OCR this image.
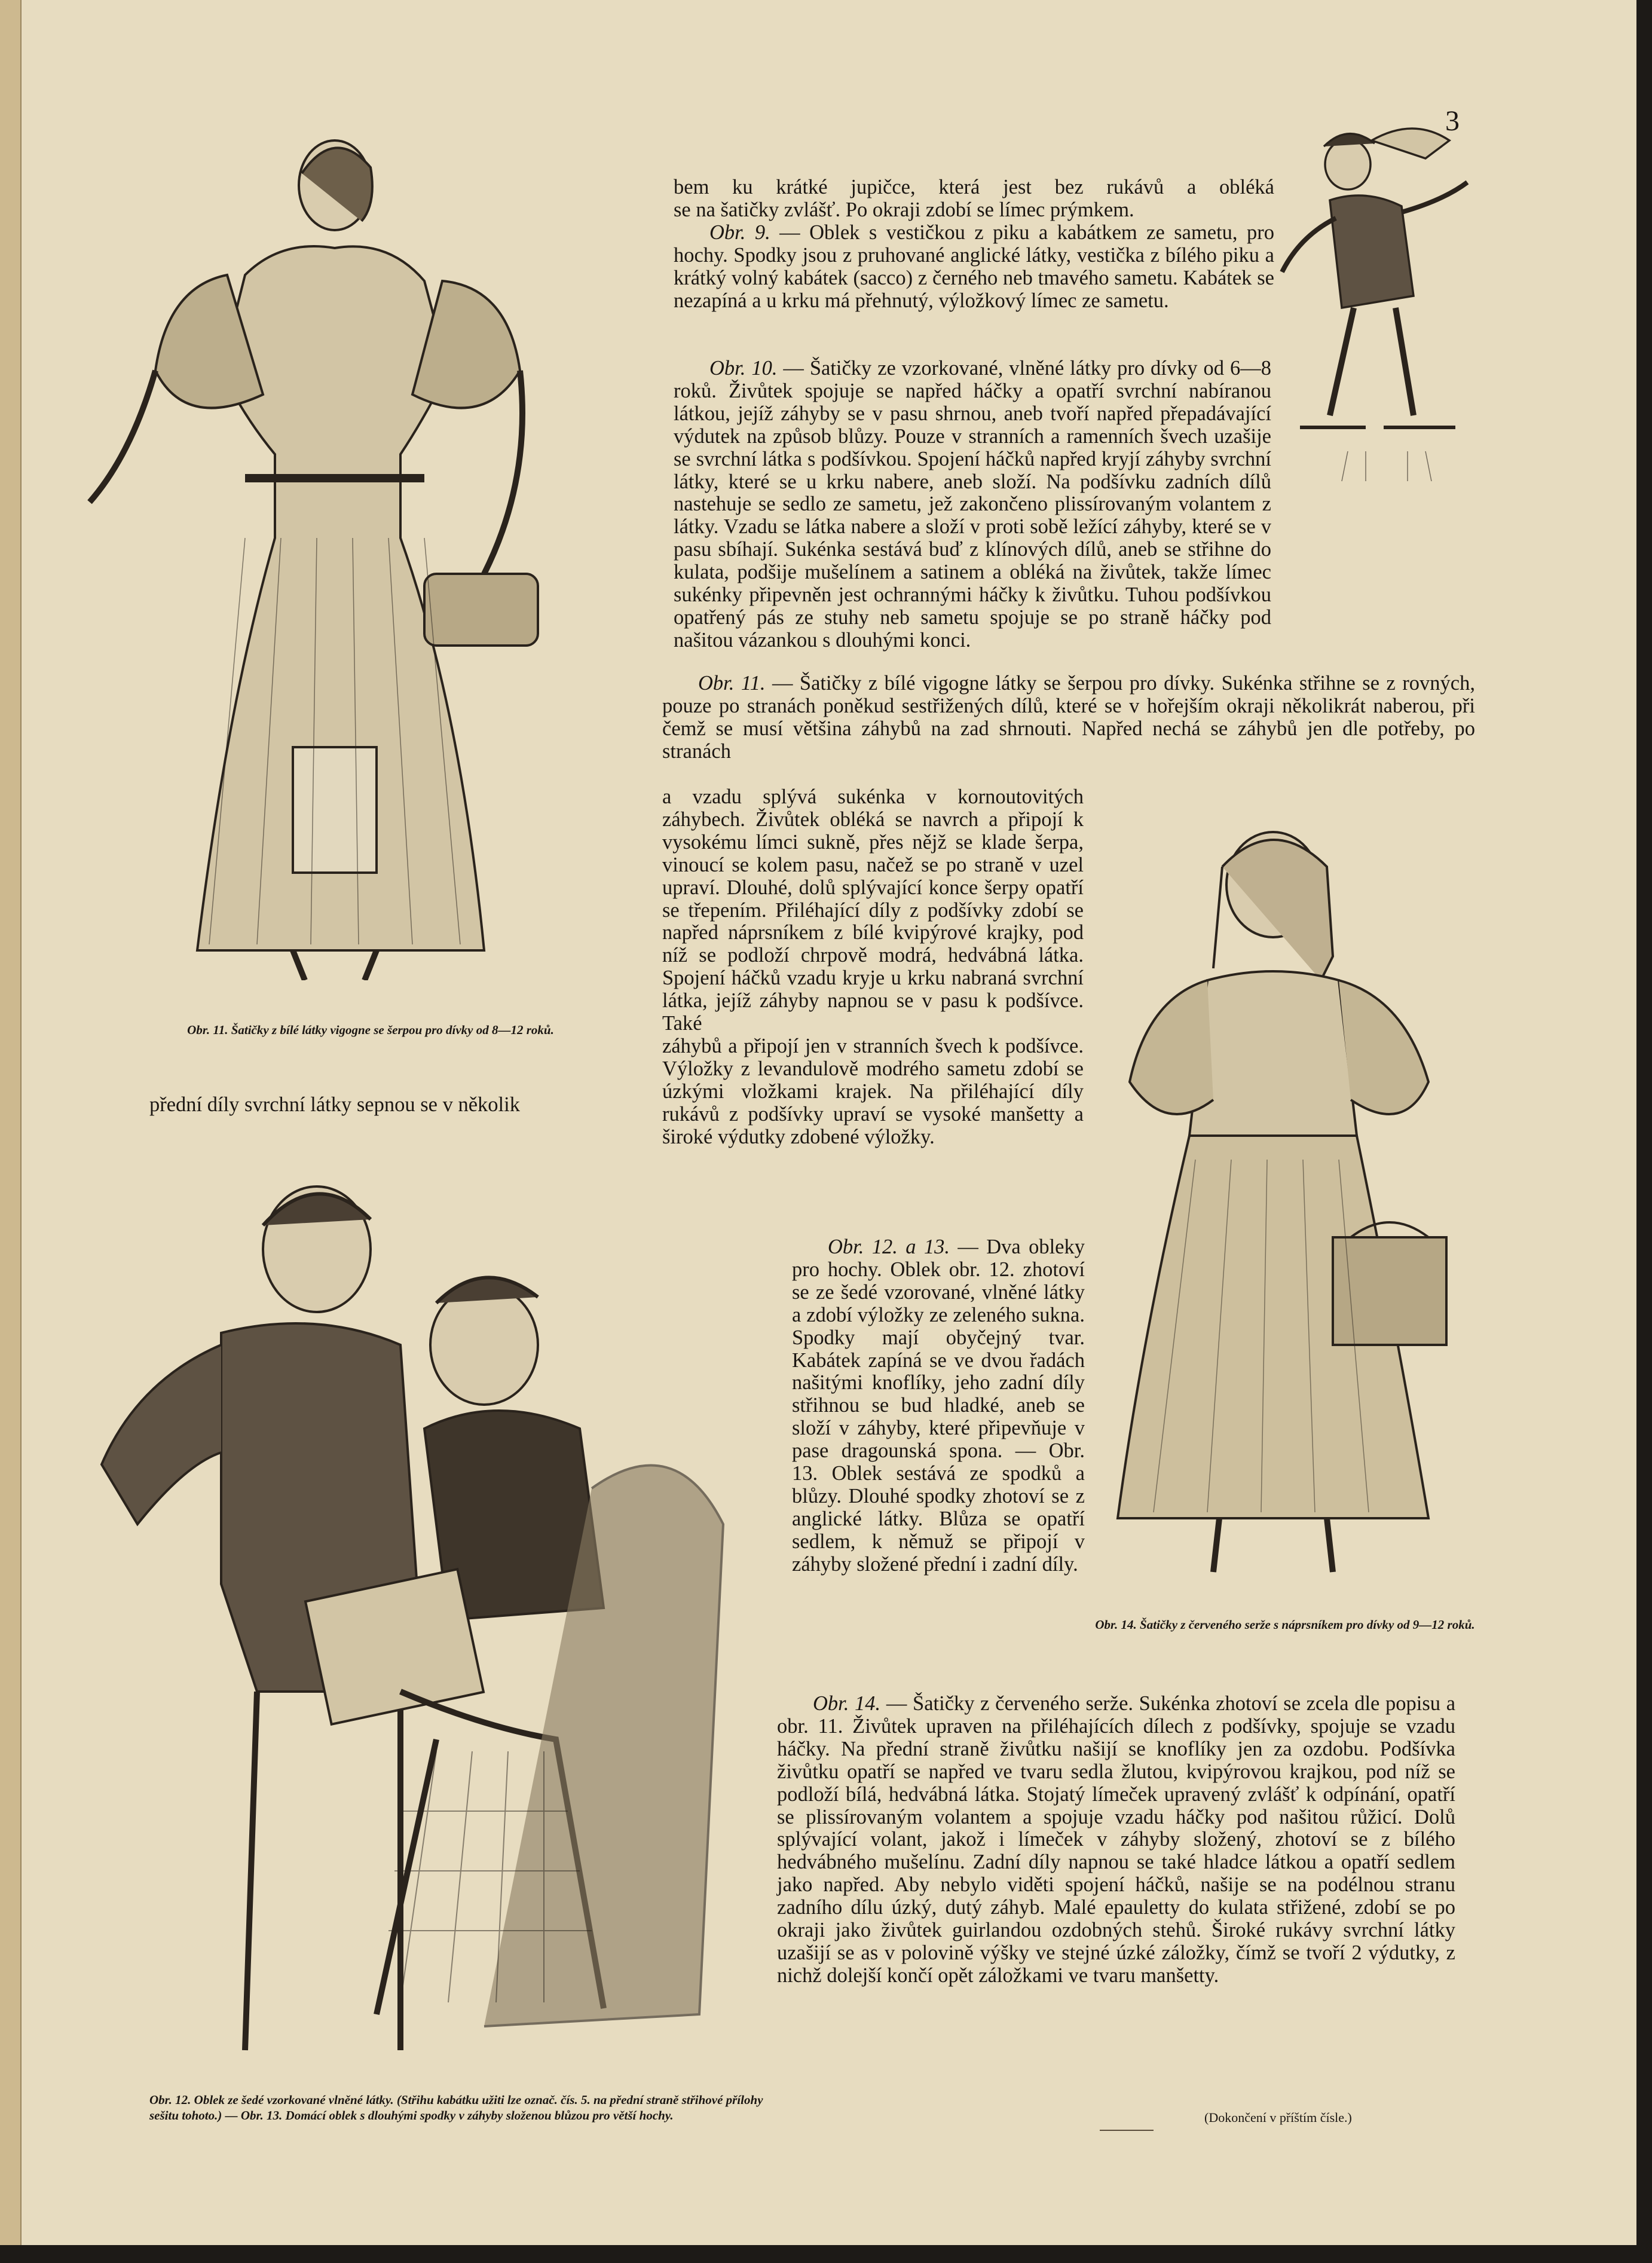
3
Obr. 11. Šatičky z bílé látky vigogne se šerpou pro dívky od 8—12 roků.

přední díly svrchní látky sepnou se v několik

Obr. 12. Oblek ze šedé vzorkované vlněné látky. (Střihu kabátku užiti lze označ. čís. 5. na přední straně střihové přílohy sešitu tohoto.) — Obr. 13. Domácí oblek s dlouhými spodky v záhyby složenou blůzou pro větší hochy.
Obr. 14. Šatičky z červeného serže s náprsníkem pro dívky od 9—12 roků.

bem ku krátké jupičce, která jest bez rukávů a obléká

se na šatičky zvlášť. Po okraji zdobí se límec prýmkem.

Obr. 9. — Oblek s vestičkou z piku a kabátkem ze sametu, pro hochy. Spodky jsou z pruhované anglické látky, vestička z bílého piku a krátký volný kabátek (sacco) z černého neb tmavého sametu. Kabátek se nezapíná a u krku má přehnutý, výložkový límec ze sametu.

Obr. 10. — Šatičky ze vzorkované, vlněné látky pro dívky od 6—8 roků. Živůtek spojuje se napřed háčky a opatří svrchní nabíranou látkou, jejíž záhyby se v pasu shrnou, aneb tvoří napřed přepadávající výdutek na způsob blůzy. Pouze v stranních a ramenních švech uzašije se svrchní látka s podšívkou. Spojení háčků napřed kryjí záhyby svrchní látky, které se u krku nabere, aneb složí. Na podšívku zadních dílů nastehuje se sedlo ze sametu, jež zakončeno plissírovaným volantem z látky. Vzadu se látka nabere a složí v proti sobě ležící záhyby, které se v pasu sbíhají. Sukénka sestává buď z klínových dílů, aneb se střihne do kulata, podšije mušelínem a satinem a obléká na živůtek, takže límec sukénky připevněn jest ochrannými háčky k živůtku. Tuhou podšívkou opatřený pás ze stuhy neb sametu spojuje se po straně háčky pod našitou vázankou s dlouhými konci.

Obr. 11. — Šatičky z bílé vigogne látky se šerpou pro dívky. Sukénka střihne se z rovných, pouze po stranách poněkud sestřižených dílů, které se v hořejším okraji několikrát naberou, při čemž se musí většina záhybů na zad shrnouti. Napřed nechá se záhybů jen dle potřeby, po stranách

a vzadu splývá sukénka v kornoutovitých záhybech. Živůtek obléká se navrch a připojí k vysokému límci sukně, přes nějž se klade šerpa, vinoucí se kolem pasu, načež se po straně v uzel upraví. Dlouhé, dolů splývající konce šerpy opatří se třepením. Přiléhající díly z podšívky zdobí se napřed náprsníkem z bílé kvipýrové krajky, pod níž se podloží chrpově modrá, hedvábná látka. Spojení háčků vzadu kryje u krku nabraná svrchní látka, jejíž záhyby napnou se v pasu k podšívce. Také

záhybů a připojí jen v stranních švech k podšívce. Výložky z levandulově modrého sametu zdobí se úzkými vložkami krajek. Na přiléhající díly rukávů z podšívky upraví se vysoké manšetty a široké výdutky zdobené výložky.

Obr. 12. a 13. — Dva obleky pro hochy. Oblek obr. 12. zhotoví se ze šedé vzorované, vlněné látky a zdobí výložky ze zeleného sukna. Spodky mají obyčejný tvar. Kabátek zapíná se ve dvou řadách našitými knoflíky, jeho zadní díly střihnou se bud hladké, aneb se složí v záhyby, které připevňuje v pase dragounská spona. — Obr. 13. Oblek sestává ze spodků a blůzy. Dlouhé spodky zhotoví se z anglické látky. Blůza se opatří sedlem, k němuž se připojí v záhyby složené přední i zadní díly.

Obr. 14. — Šatičky z červeného serže. Sukénka zhotoví se zcela dle popisu a obr. 11. Živůtek upraven na přiléhajících dílech z podšívky, spojuje se vzadu háčky. Na přední straně živůtku našijí se knoflíky jen za ozdobu. Podšívka živůtku opatří se napřed ve tvaru sedla žlutou, kvipýrovou krajkou, pod níž se podloží bílá, hedvábná látka. Stojatý límeček upravený zvlášť k odpínání, opatří se plissírovaným volantem a spojuje vzadu háčky pod našitou růžicí. Dolů splývající volant, jakož i límeček v záhyby složený, zhotoví se z bílého hedvábného mušelínu. Zadní díly napnou se také hladce látkou a opatří sedlem jako napřed. Aby nebylo viděti spojení háčků, našije se na podélnou stranu zadního dílu úzký, dutý záhyb. Malé epauletty do kulata střižené, zdobí se po okraji jako živůtek guirlandou ozdobných stehů. Široké rukávy svrchní látky uzašijí se as v polovině výšky ve stejné úzké záložky, čímž se tvoří 2 výdutky, z nichž dolejší končí opět záložkami ve tvaru manšetty.

(Dokončení v příštím čísle.)
